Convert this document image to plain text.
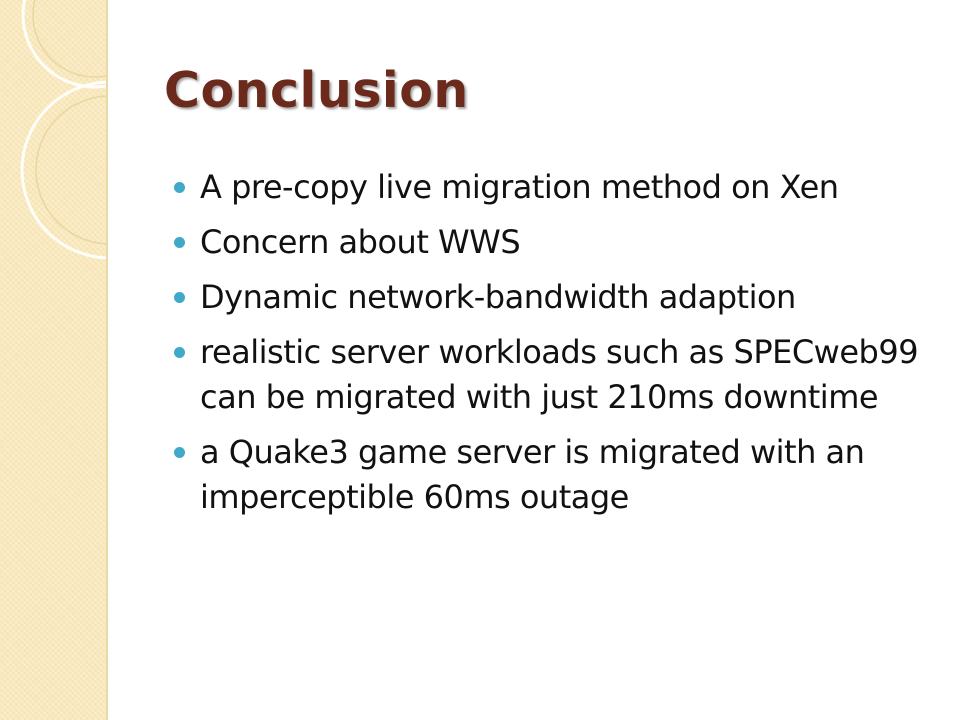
Conclusion
A pre-copy live migration method on Xen
Concern about WWS
Dynamic network-bandwidth adaption
realistic server workloads such as SPECweb99 can be migrated with just 210ms downtime
a Quake3 game server is migrated with an imperceptible 60ms outage
